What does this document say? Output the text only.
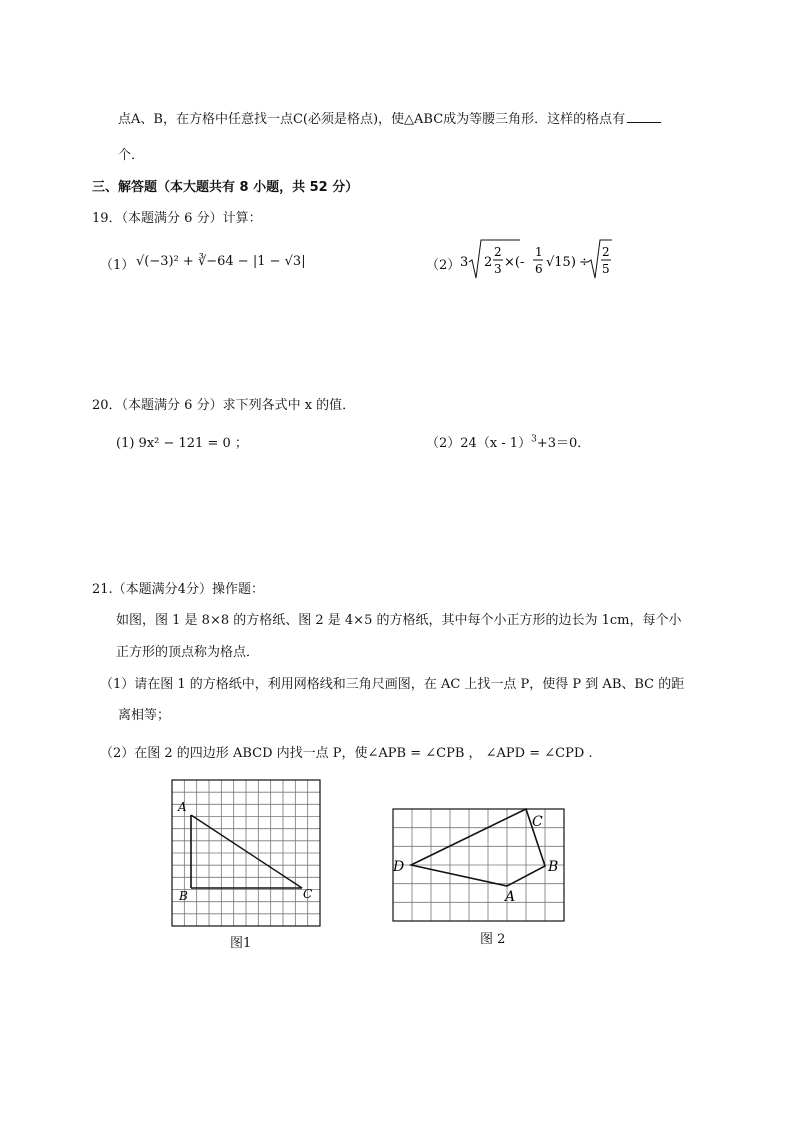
点A、B，在方格中任意找一点C(必须是格点)，使△ABC成为等腰三角形．这样的格点有
个．
三、解答题（本大题共有 8 小题，共 52 分）
19．（本题满分 6 分）计算：
（1） √(−3)² + ∛−64 − |1 − √3|	（2） 3 2
2
3 ×(-
1
6 √15) ÷
2
5
20．（本题满分 6 分）求下列各式中 x 的值．
(1) 9x² − 121 = 0 ；	（2）24（x - 1）$^3$+3＝0．
21.（本题满分4分）操作题：
如图，图 1 是 8×8 的方格纸、图 2 是 4×5 的方格纸，其中每个小正方形的边长为 1cm，每个小
正方形的顶点称为格点．
（1）请在图 1 的方格纸中，利用网格线和三角尺画图，在 AC 上找一点 P，使得 P 到 AB、BC 的距
离相等；
（2）在图 2 的四边形 ABCD 内找一点 P，使∠APB = ∠CPB ， ∠APD = ∠CPD .
A
B	C
图1
D
C
B
A
图 2
